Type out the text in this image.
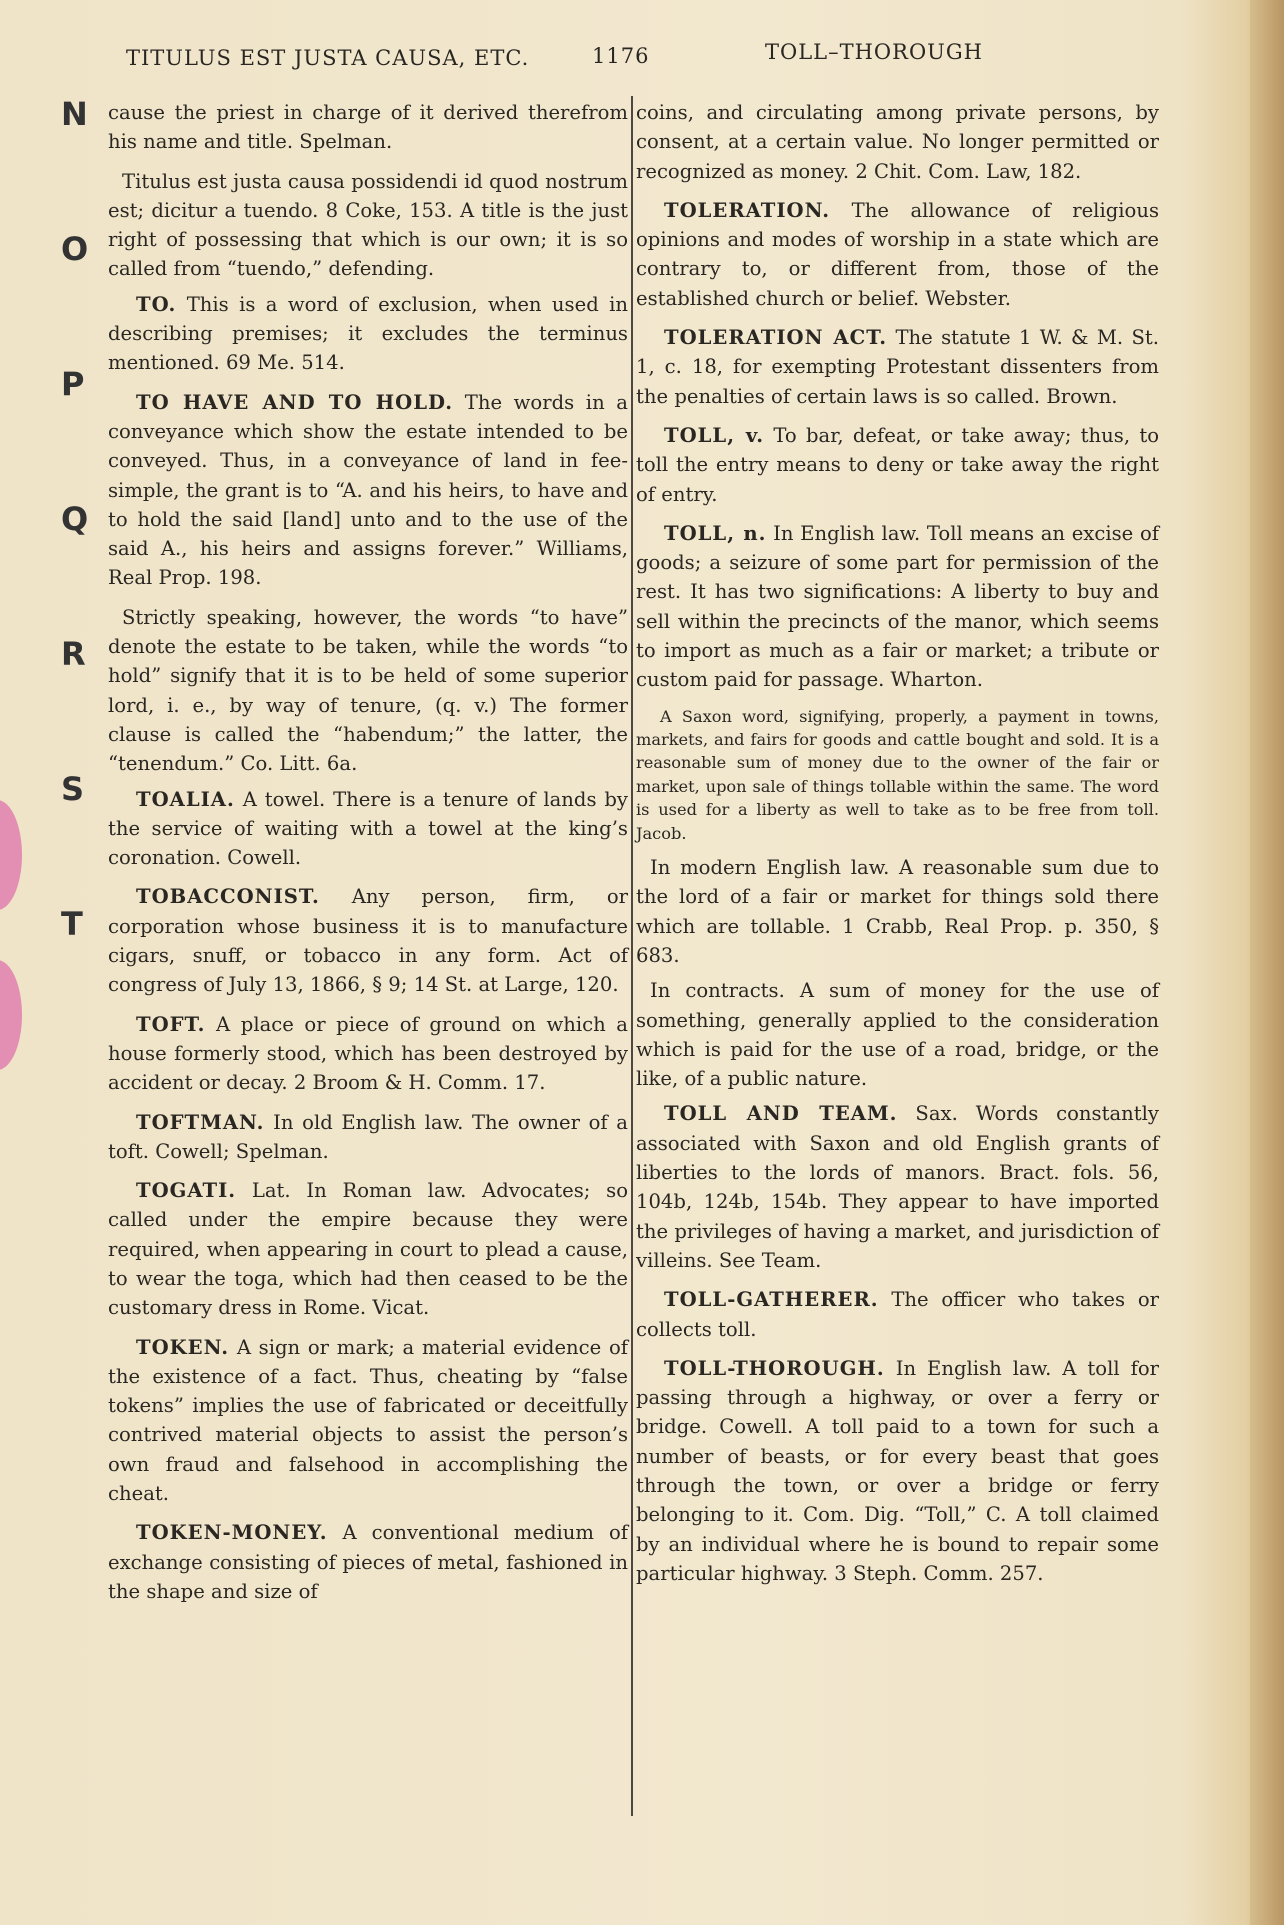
TITULUS EST JUSTA CAUSA, ETC.	1176	TOLL–THOROUGH
N
O
P
Q
R
S
T

cause the priest in charge of it derived therefrom his name and title. Spelman.

Titulus est justa causa possidendi id quod nostrum est; dicitur a tuendo. 8 Coke, 153. A title is the just right of possessing that which is our own; it is so called from “tuendo,” defending.

TO. This is a word of exclusion, when used in describing premises; it excludes the terminus mentioned. 69 Me. 514.

TO HAVE AND TO HOLD. The words in a conveyance which show the estate intended to be conveyed. Thus, in a conveyance of land in fee-simple, the grant is to “A. and his heirs, to have and to hold the said [land] unto and to the use of the said A., his heirs and assigns forever.” Williams, Real Prop. 198.

Strictly speaking, however, the words “to have” denote the estate to be taken, while the words “to hold” signify that it is to be held of some superior lord, i. e., by way of tenure, (q. v.) The former clause is called the “habendum;” the latter, the “tenendum.” Co. Litt. 6a.

TOALIA. A towel. There is a tenure of lands by the service of waiting with a towel at the king’s coronation. Cowell.

TOBACCONIST. Any person, firm, or corporation whose business it is to manufacture cigars, snuff, or tobacco in any form. Act of congress of July 13, 1866, § 9; 14 St. at Large, 120.

TOFT. A place or piece of ground on which a house formerly stood, which has been destroyed by accident or decay. 2 Broom & H. Comm. 17.

TOFTMAN. In old English law. The owner of a toft. Cowell; Spelman.

TOGATI. Lat. In Roman law. Advocates; so called under the empire because they were required, when appearing in court to plead a cause, to wear the toga, which had then ceased to be the customary dress in Rome. Vicat.

TOKEN. A sign or mark; a material evidence of the existence of a fact. Thus, cheating by “false tokens” implies the use of fabricated or deceitfully contrived material objects to assist the person’s own fraud and falsehood in accomplishing the cheat.

TOKEN-MONEY. A conventional medium of exchange consisting of pieces of metal, fashioned in the shape and size of

coins, and circulating among private persons, by consent, at a certain value. No longer permitted or recognized as money. 2 Chit. Com. Law, 182.

TOLERATION. The allowance of religious opinions and modes of worship in a state which are contrary to, or different from, those of the established church or belief. Webster.

TOLERATION ACT. The statute 1 W. & M. St. 1, c. 18, for exempting Protestant dissenters from the penalties of certain laws is so called. Brown.

TOLL, v. To bar, defeat, or take away; thus, to toll the entry means to deny or take away the right of entry.

TOLL, n. In English law. Toll means an excise of goods; a seizure of some part for permission of the rest. It has two significations: A liberty to buy and sell within the precincts of the manor, which seems to import as much as a fair or market; a tribute or custom paid for passage. Wharton.

A Saxon word, signifying, properly, a payment in towns, markets, and fairs for goods and cattle bought and sold. It is a reasonable sum of money due to the owner of the fair or market, upon sale of things tollable within the same. The word is used for a liberty as well to take as to be free from toll. Jacob.

In modern English law. A reasonable sum due to the lord of a fair or market for things sold there which are tollable. 1 Crabb, Real Prop. p. 350, § 683.

In contracts. A sum of money for the use of something, generally applied to the consideration which is paid for the use of a road, bridge, or the like, of a public nature.

TOLL AND TEAM. Sax. Words constantly associated with Saxon and old English grants of liberties to the lords of manors. Bract. fols. 56, 104b, 124b, 154b. They appear to have imported the privileges of having a market, and jurisdiction of villeins. See Team.

TOLL-GATHERER. The officer who takes or collects toll.

TOLL-THOROUGH. In English law. A toll for passing through a highway, or over a ferry or bridge. Cowell. A toll paid to a town for such a number of beasts, or for every beast that goes through the town, or over a bridge or ferry belonging to it. Com. Dig. “Toll,” C. A toll claimed by an individual where he is bound to repair some particular highway. 3 Steph. Comm. 257.
